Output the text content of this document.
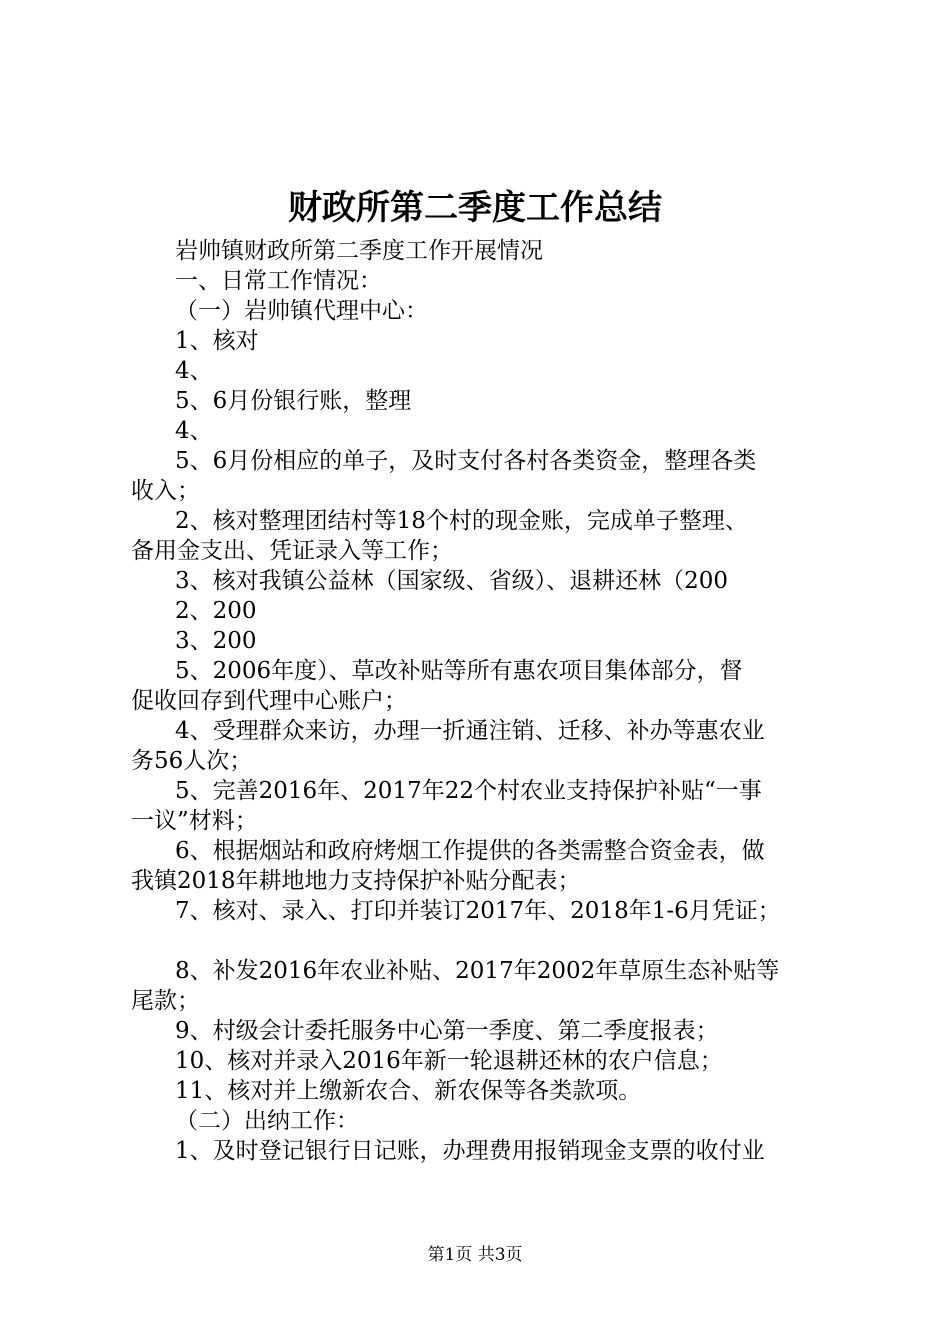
财政所第二季度工作总结
岩帅镇财政所第二季度工作开展情况
一、日常工作情况：
（一）岩帅镇代理中心：
1、核对
4、
5、6月份银行账，整理
4、
5、6月份相应的单子，及时支付各村各类资金，整理各类
收入；
2、核对整理团结村等18个村的现金账，完成单子整理、
备用金支出、凭证录入等工作；
3、核对我镇公益林（国家级、省级）、退耕还林（200
2、200
3、200
5、2006年度）、草改补贴等所有惠农项目集体部分，督
促收回存到代理中心账户；
4、受理群众来访，办理一折通注销、迁移、补办等惠农业
务56人次；
5、完善2016年、2017年22个村农业支持保护补贴“一事
一议”材料；
6、根据烟站和政府烤烟工作提供的各类需整合资金表，做
我镇2018年耕地地力支持保护补贴分配表；
7、核对、录入、打印并装订2017年、2018年1-6月凭证；
8、补发2016年农业补贴、2017年2002年草原生态补贴等
尾款；
9、村级会计委托服务中心第一季度、第二季度报表；
10、核对并录入2016年新一轮退耕还林的农户信息；
11、核对并上缴新农合、新农保等各类款项。
（二）出纳工作：
1、及时登记银行日记账，办理费用报销现金支票的收付业
第1页 共3页
